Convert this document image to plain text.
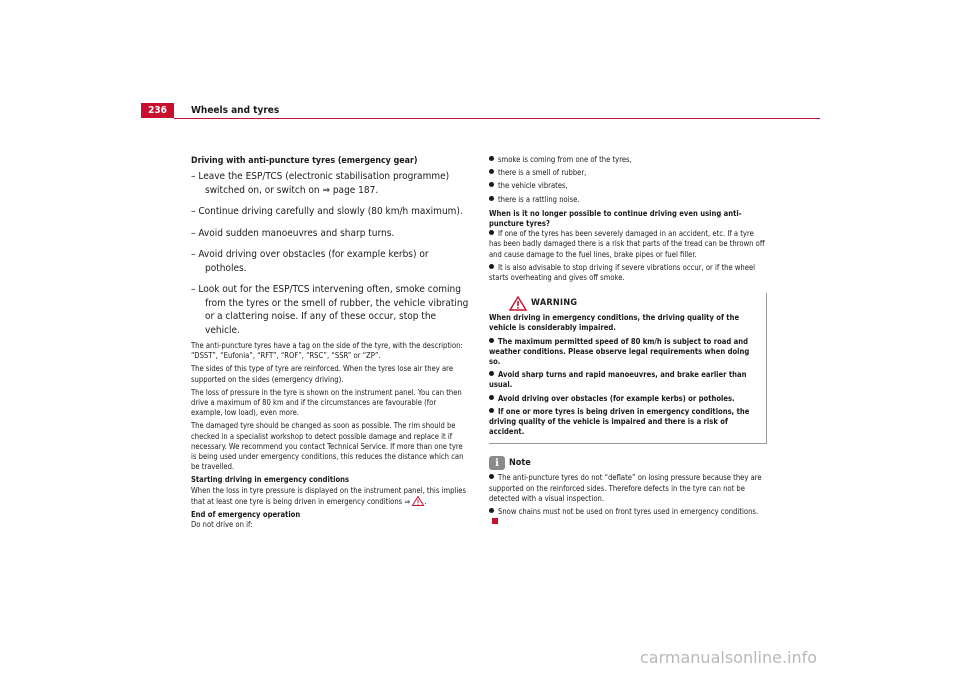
236	Wheels and tyres

Driving with anti-puncture tyres (emergency gear)

– Leave the ESP/TCS (electronic stabilisation programme) switched on, or switch on ⇒ page 187.

– Continue driving carefully and slowly (80 km/h maximum).

– Avoid sudden manoeuvres and sharp turns.

– Avoid driving over obstacles (for example kerbs) or potholes.

– Look out for the ESP/TCS intervening often, smoke coming from the tyres or the smell of rubber, the vehicle vibrating or a clattering noise. If any of these occur, stop the vehicle.

The anti-puncture tyres have a tag on the side of the tyre, with the description: “DSST”, “Eufonia”, “RFT”, “ROF”, “RSC”, “SSR” or “ZP”.

The sides of this type of tyre are reinforced. When the tyres lose air they are supported on the sides (emergency driving).

The loss of pressure in the tyre is shown on the instrument panel. You can then drive a maximum of 80 km and if the circumstances are favourable (for example, low load), even more.

The damaged tyre should be changed as soon as possible. The rim should be checked in a specialist workshop to detect possible damage and replace it if necessary. We recommend you contact Technical Service. If more than one tyre is being used under emergency conditions, this reduces the distance which can be travelled.

Starting driving in emergency conditions

When the loss in tyre pressure is displayed on the instrument panel, this implies that at least one tyre is being driven in emergency conditions ⇒ .

End of emergency operation

Do not drive on if:

smoke is coming from one of the tyres,

there is a smell of rubber,

the vehicle vibrates,

there is a rattling noise.

When is it no longer possible to continue driving even using anti-puncture tyres?

If one of the tyres has been severely damaged in an accident, etc. If a tyre has been badly damaged there is a risk that parts of the tread can be thrown off and cause damage to the fuel lines, brake pipes or fuel filler.

It is also advisable to stop driving if severe vibrations occur, or if the wheel starts overheating and gives off smoke.

WARNING

When driving in emergency conditions, the driving quality of the vehicle is considerably impaired.

The maximum permitted speed of 80 km/h is subject to road and weather conditions. Please observe legal requirements when doing so.

Avoid sharp turns and rapid manoeuvres, and brake earlier than usual.

Avoid driving over obstacles (for example kerbs) or potholes.

If one or more tyres is being driven in emergency conditions, the driving quality of the vehicle is impaired and there is a risk of accident.

i	Note

The anti-puncture tyres do not “deflate” on losing pressure because they are supported on the reinforced sides. Therefore defects in the tyre can not be detected with a visual inspection.

Snow chains must not be used on front tyres used in emergency conditions.

carmanualsonline.info
